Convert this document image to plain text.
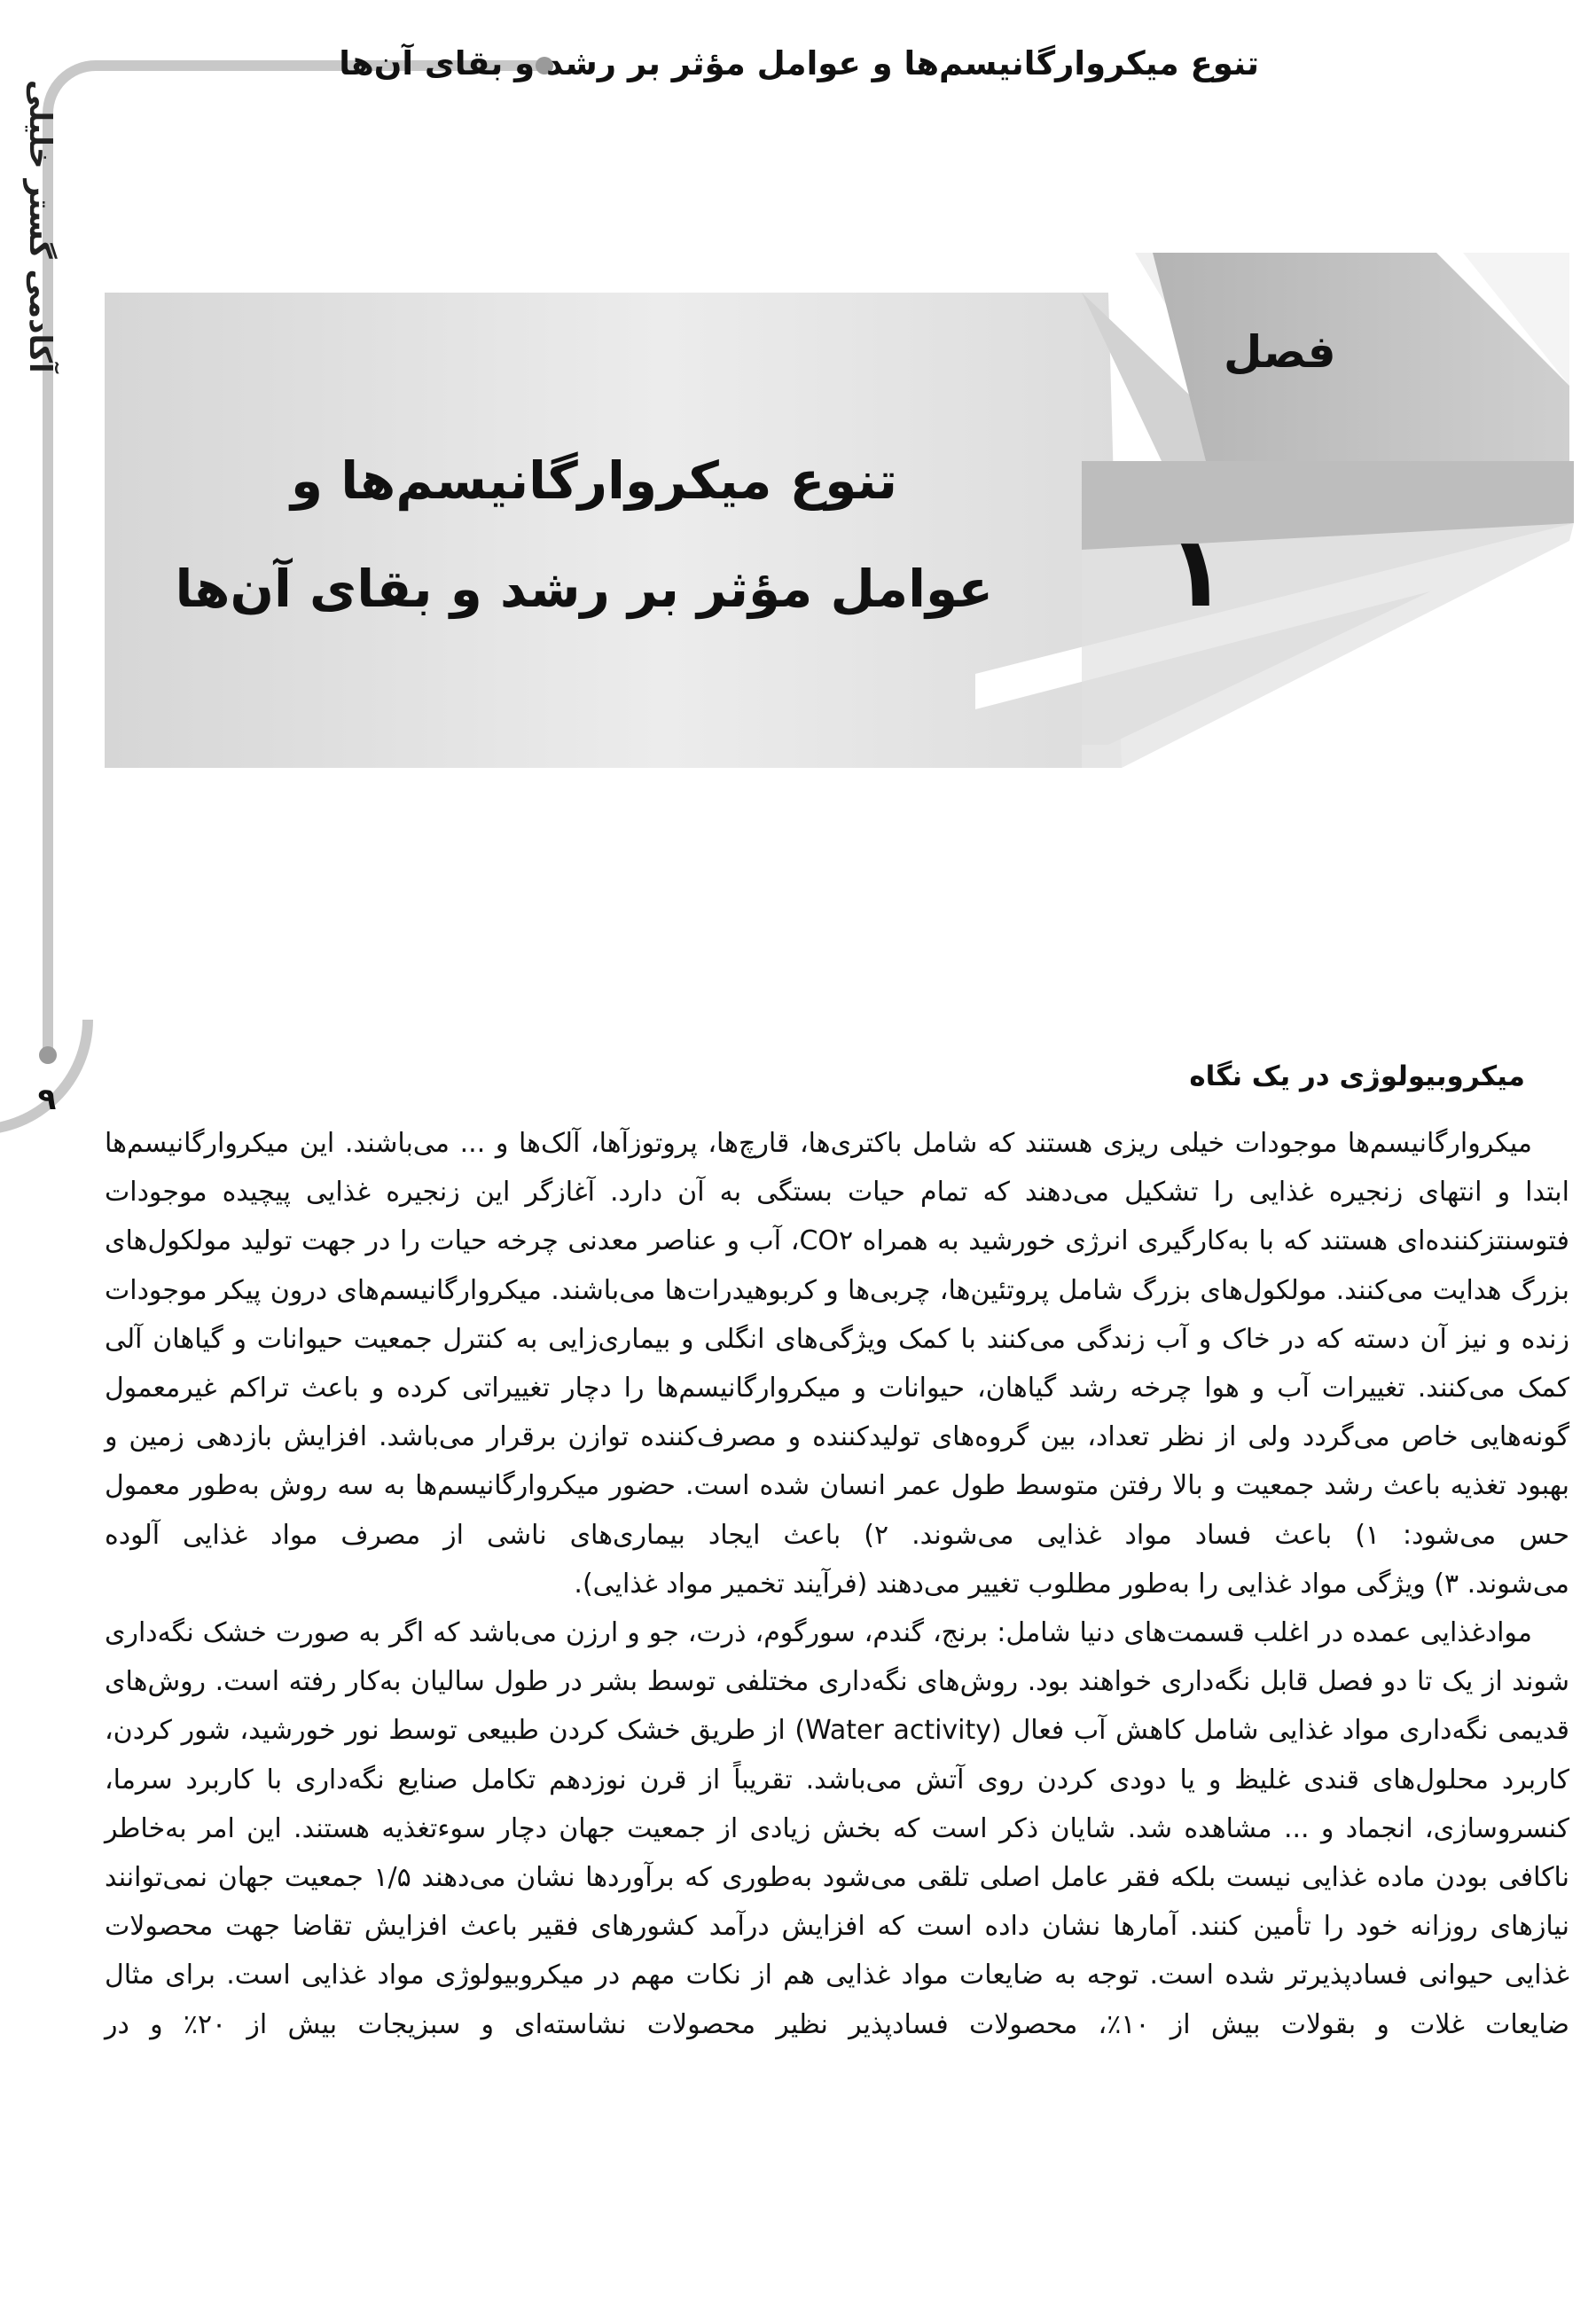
۹
آکادمی گستر خلیلی
تنوع میکروارگانیسم‌ها و عوامل مؤثر بر رشد و بقای آن‌ها
فصل
۱
تنوع میکروارگانیسم‌ها و
عوامل مؤثر بر رشد و بقای آن‌ها
میکروبیولوژی در یک نگاه

میکروارگانیسم‌ها موجودات خیلی ریزی هستند که شامل باکتری‌ها، قارچ‌ها، پروتوزآها، آلک‌ها و ... می‌باشند. این میکروارگانیسم‌ها ابتدا و انتهای زنجیره غذایی را تشکیل می‌دهند که تمام حیات بستگی به آن دارد. آغازگر این زنجیره غذایی پیچیده موجودات فتوسنتزکننده‌ای هستند که با به‌کارگیری انرژی خورشید به همراه CO۲، آب و عناصر معدنی چرخه حیات را در جهت تولید مولکول‌های بزرگ هدایت می‌کنند. مولکول‌های بزرگ شامل پروتئین‌ها، چربی‌ها و کربوهیدرات‌ها می‌باشند. میکروارگانیسم‌های درون پیکر موجودات زنده و نیز آن دسته که در خاک و آب زندگی می‌کنند با کمک ویژگی‌های انگلی و بیماری‌زایی به کنترل جمعیت حیوانات و گیاهان آلی کمک می‌کنند. تغییرات آب و هوا چرخه رشد گیاهان، حیوانات و میکروارگانیسم‌ها را دچار تغییراتی کرده و باعث تراکم غیرمعمول گونه‌هایی خاص می‌گردد ولی از نظر تعداد، بین گروه‌های تولیدکننده و مصرف‌کننده توازن برقرار می‌باشد. افزایش بازدهی زمین و بهبود تغذیه باعث رشد جمعیت و بالا رفتن متوسط طول عمر انسان شده است. حضور میکروارگانیسم‌ها به سه روش به‌طور معمول حس می‌شود: ۱) باعث فساد مواد غذایی می‌شوند. ۲) باعث ایجاد بیماری‌های ناشی از مصرف مواد غذایی آلوده

می‌شوند. ۳) ویژگی مواد غذایی را به‌طور مطلوب تغییر می‌دهند (فرآیند تخمیر مواد غذایی).

موادغذایی عمده در اغلب قسمت‌های دنیا شامل: برنج، گندم، سورگوم، ذرت، جو و ارزن می‌باشد که اگر به صورت خشک نگه‌داری شوند از یک تا دو فصل قابل نگه‌داری خواهند بود. روش‌های نگه‌داری مختلفی توسط بشر در طول سالیان به‌کار رفته است. روش‌های قدیمی نگه‌داری مواد غذایی شامل کاهش آب فعال (Water activity) از طریق خشک کردن طبیعی توسط نور خورشید، شور کردن، کاربرد محلول‌های قندی غلیظ و یا دودی کردن روی آتش می‌باشد. تقریباً از قرن نوزدهم تکامل صنایع نگه‌داری با کاربرد سرما، کنسروسازی، انجماد و ... مشاهده شد. شایان ذکر است که بخش زیادی از جمعیت جهان دچار سوءتغذیه هستند. این امر به‌خاطر ناکافی بودن ماده غذایی نیست بلکه فقر عامل اصلی تلقی می‌شود به‌طوری که برآوردها نشان می‌دهند ۱/۵ جمعیت جهان نمی‌توانند نیازهای روزانه خود را تأمین کنند. آمارها نشان داده است که افزایش درآمد کشورهای فقیر باعث افزایش تقاضا جهت محصولات غذایی حیوانی فسادپذیرتر شده است. توجه به ضایعات مواد غذایی هم از نکات مهم در میکروبیولوژی مواد غذایی است. برای مثال ضایعات غلات و بقولات بیش از ۱۰٪، محصولات فسادپذیر نظیر محصولات نشاسته‌ای و سبزیجات بیش از ۲۰٪ و در
